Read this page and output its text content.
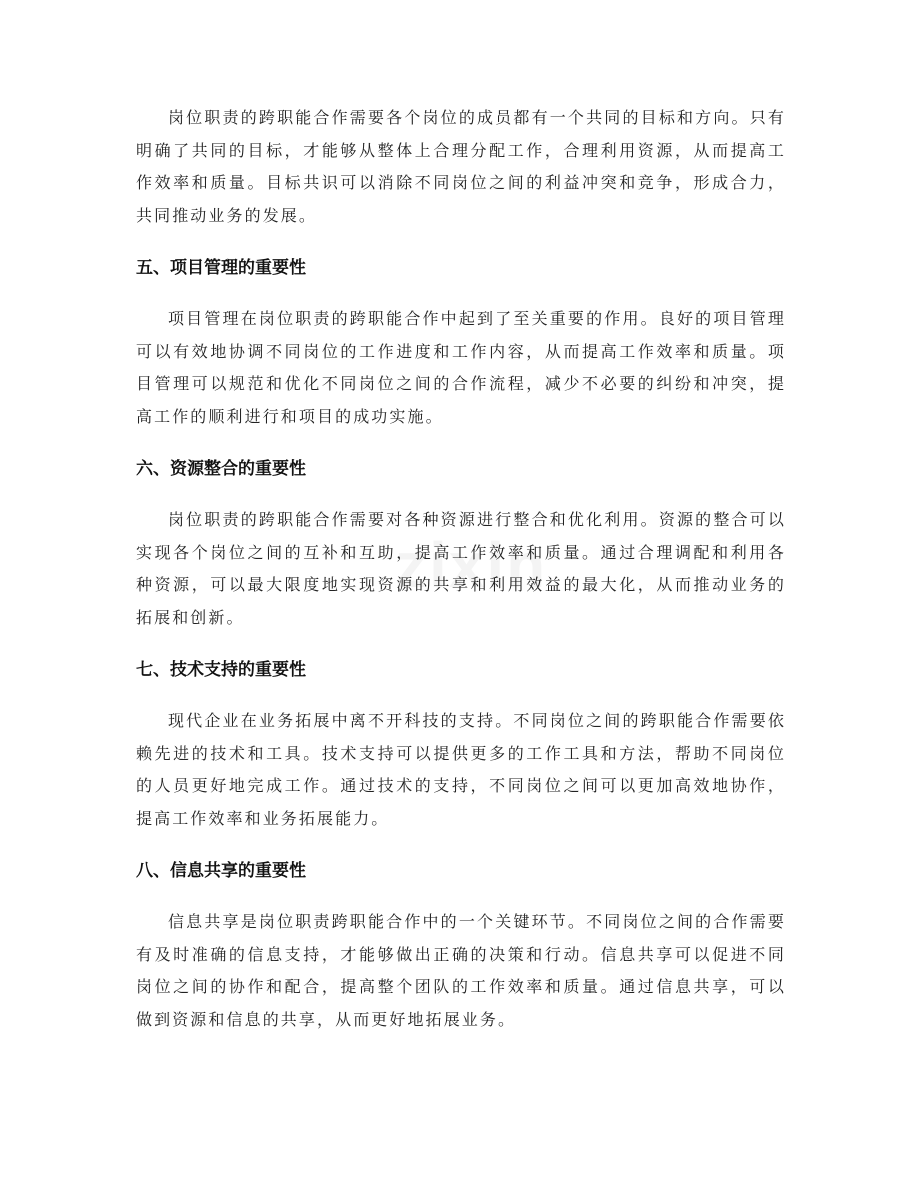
岗位职责的跨职能合作需要各个岗位的成员都有一个共同的目标和方向。只有明确了共同的目标，才能够从整体上合理分配工作，合理利用资源，从而提高工作效率和质量。目标共识可以消除不同岗位之间的利益冲突和竞争，形成合力，共同推动业务的发展。

五、项目管理的重要性

项目管理在岗位职责的跨职能合作中起到了至关重要的作用。良好的项目管理可以有效地协调不同岗位的工作进度和工作内容，从而提高工作效率和质量。项目管理可以规范和优化不同岗位之间的合作流程，减少不必要的纠纷和冲突，提高工作的顺利进行和项目的成功实施。

六、资源整合的重要性

岗位职责的跨职能合作需要对各种资源进行整合和优化利用。资源的整合可以实现各个岗位之间的互补和互助，提高工作效率和质量。通过合理调配和利用各种资源，可以最大限度地实现资源的共享和利用效益的最大化，从而推动业务的拓展和创新。

七、技术支持的重要性

现代企业在业务拓展中离不开科技的支持。不同岗位之间的跨职能合作需要依赖先进的技术和工具。技术支持可以提供更多的工作工具和方法，帮助不同岗位的人员更好地完成工作。通过技术的支持，不同岗位之间可以更加高效地协作，提高工作效率和业务拓展能力。

八、信息共享的重要性

信息共享是岗位职责跨职能合作中的一个关键环节。不同岗位之间的合作需要有及时准确的信息支持，才能够做出正确的决策和行动。信息共享可以促进不同岗位之间的协作和配合，提高整个团队的工作效率和质量。通过信息共享，可以做到资源和信息的共享，从而更好地拓展业务。
